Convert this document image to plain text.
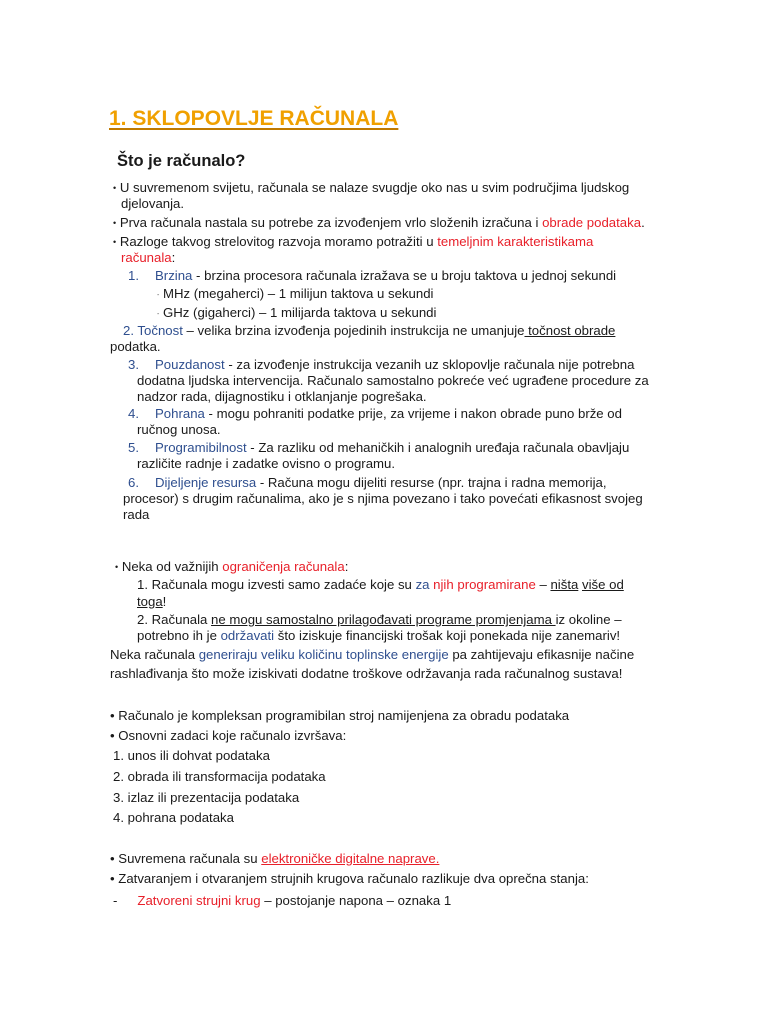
1. SKLOPOVLJE RAČUNALA
Što je računalo?
• U suvremenom svijetu, računala se nalaze svugdje oko nas u svim područjima ljudskog
djelovanja.
• Prva računala nastala su potrebe za izvođenjem vrlo složenih izračuna i obrade podataka.
• Razloge takvog strelovitog razvoja moramo potražiti u temeljnim karakteristikama
računala:
1. Brzina - brzina procesora računala izražava se u broju taktova u jednoj sekundi
- MHz (megaherci) – 1 milijun taktova u sekundi
- GHz (gigaherci) – 1 milijarda taktova u sekundi
2. Točnost – velika brzina izvođenja pojedinih instrukcija ne umanjuje točnost obrade
podatka.
3. Pouzdanost - za izvođenje instrukcija vezanih uz sklopovlje računala nije potrebna
dodatna ljudska intervencija. Računalo samostalno pokreće već ugrađene procedure za
nadzor rada, dijagnostiku i otklanjanje pogrešaka.
4. Pohrana - mogu pohraniti podatke prije, za vrijeme i nakon obrade puno brže od
ručnog unosa.
5. Programibilnost - Za razliku od mehaničkih i analognih uređaja računala obavljaju
različite radnje i zadatke ovisno o programu.
6. Dijeljenje resursa - Računa mogu dijeliti resurse (npr. trajna i radna memorija,
procesor) s drugim računalima, ako je s njima povezano i tako povećati efikasnost svojeg
rada
• Neka od važnijih ograničenja računala:
1. Računala mogu izvesti samo zadaće koje su za njih programirane – ništa više od
toga!
2. Računala ne mogu samostalno prilagođavati programe promjenjama iz okoline –
potrebno ih je održavati što iziskuje financijski trošak koji ponekada nije zanemariv!
Neka računala generiraju veliku količinu toplinske energije pa zahtijevaju efikasnije načine
rashlađivanja što može iziskivati dodatne troškove održavanja rada računalnog sustava!
• Računalo je kompleksan programibilan stroj namijenjena za obradu podataka
• Osnovni zadaci koje računalo izvršava:
1. unos ili dohvat podataka
2. obrada ili transformacija podataka
3. izlaz ili prezentacija podataka
4. pohrana podataka
• Suvremena računala su elektroničke digitalne naprave.
• Zatvaranjem i otvaranjem strujnih krugova računalo razlikuje dva oprečna stanja:
- Zatvoreni strujni krug – postojanje napona – oznaka 1
